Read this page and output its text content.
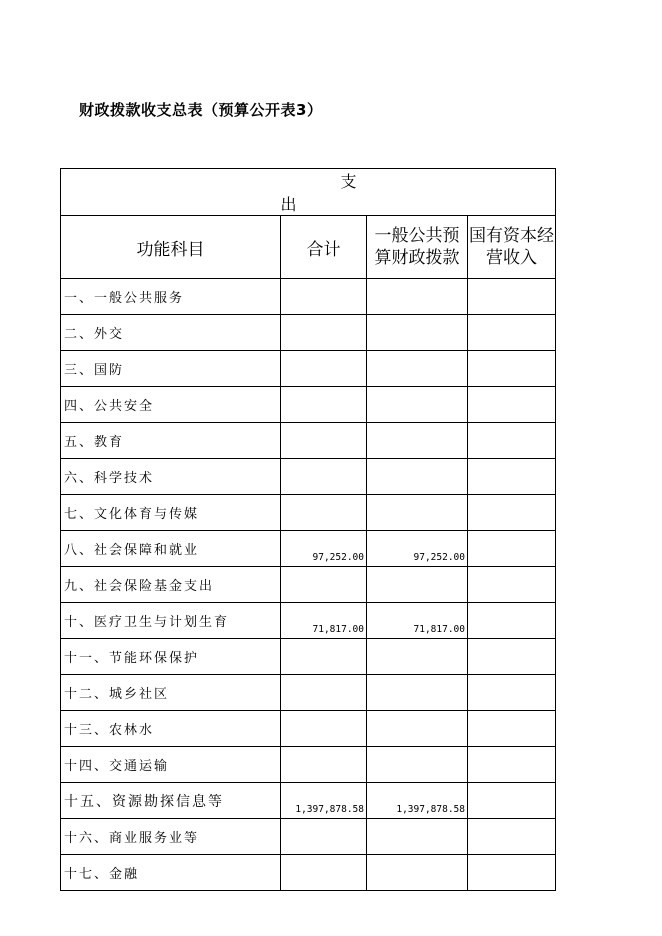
财政拨款收支总表（预算公开表3）
	支　　出		
功能科目	合计	一般公共预算财政拨款	国有资本经营收入
一、一般公共服务			
二、外交			
三、国防			
四、公共安全			
五、教育			
六、科学技术			
七、文化体育与传媒			
八、社会保障和就业	97,252.00	97,252.00	
九、社会保险基金支出			
十、医疗卫生与计划生育	71,817.00	71,817.00	
十一、节能环保保护			
十二、城乡社区			
十三、农林水			
十四、交通运输			
十五、资源勘探信息等	1,397,878.58	1,397,878.58	
十六、商业服务业等			
十七、金融			
